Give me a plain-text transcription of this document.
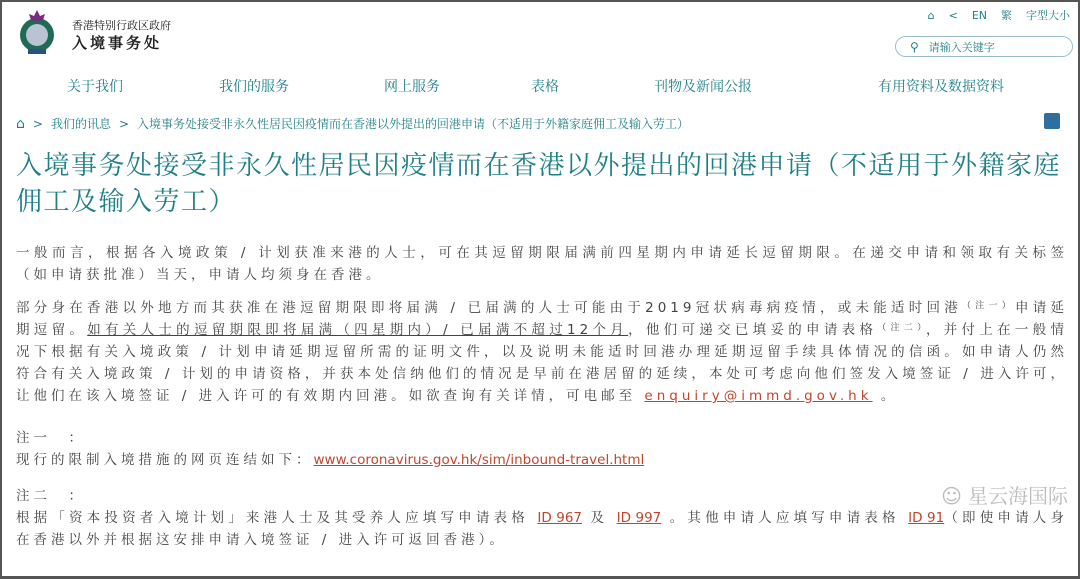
香港特别行政区政府
入境事务处
⌂ < EN 繁 字型大小
⚲ 请输入关键字
关于我们	我们的服务	网上服务	表格	刊物及新闻公报	有用资料及数据资料
⌂ > 我们的讯息 > 入境事务处接受非永久性居民因疫情而在香港以外提出的回港申请（不适用于外籍家庭佣工及输入劳工）
入境事务处接受非永久性居民因疫情而在香港以外提出的回港申请（不适用于外籍家庭佣工及输入劳工）

一般而言，根据各入境政策 / 计划获准来港的人士，可在其逗留期限届满前四星期内申请延长逗留期限。在递交申请和领取有关标签（如申请获批准）当天，申请人均须身在香港。

部分身在香港以外地方而其获准在港逗留期限即将届满 / 已届满的人士可能由于2019冠状病毒病疫情，或未能适时回港$^{(注一)}$申请延期逗留。如有关人士的逗留期限即将届满（四星期内）/ 已届满不超过12个月，他们可递交已填妥的申请表格$^{(注二)}$，并付上在一般情况下根据有关入境政策 / 计划申请延期逗留所需的证明文件，以及说明未能适时回港办理延期逗留手续具体情况的信函。如申请人仍然符合有关入境政策 / 计划的申请资格，并获本处信纳他们的情况是早前在港居留的延续，本处可考虑向他们签发入境签证 / 进入许可，让他们在该入境签证 / 进入许可的有效期内回港。如欲查询有关详情，可电邮至 enquiry@immd.gov.hk 。

注一　：
现行的限制入境措施的网页连结如下：www.coronavirus.gov.hk/sim/inbound-travel.html
注二　：	☺ 星云海国际
根据「资本投资者入境计划」来港人士及其受养人应填写申请表格 ID 967 及 ID 997 。其他申请人应填写申请表格 ID 91（即使申请人身在香港以外并根据这安排申请入境签证 / 进入许可返回香港）。
